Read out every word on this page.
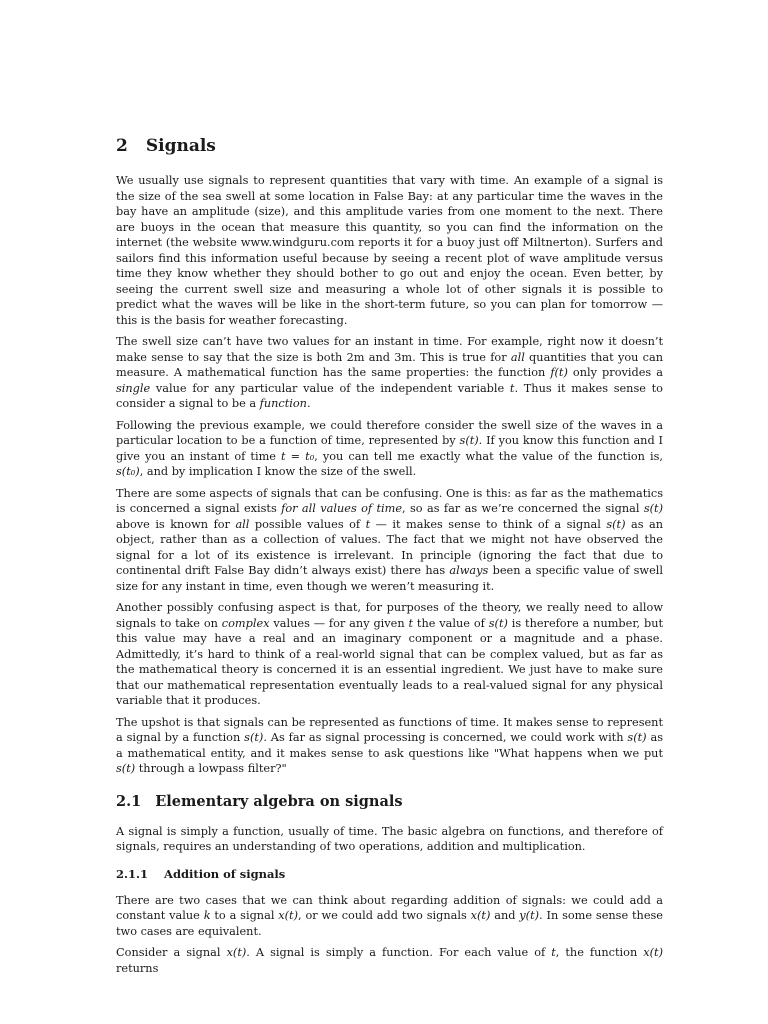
2 Signals

We usually use signals to represent quantities that vary with time. An example of a signal is the size of the sea swell at some location in False Bay: at any particular time the waves in the bay have an amplitude (size), and this amplitude varies from one moment to the next. There are buoys in the ocean that measure this quantity, so you can find the information on the internet (the website www.windguru.com reports it for a buoy just off Miltnerton). Surfers and sailors find this information useful because by seeing a recent plot of wave amplitude versus time they know whether they should bother to go out and enjoy the ocean. Even better, by seeing the current swell size and measuring a whole lot of other signals it is possible to predict what the waves will be like in the short-term future, so you can plan for tomorrow — this is the basis for weather forecasting.

The swell size can’t have two values for an instant in time. For example, right now it doesn’t make sense to say that the size is both 2m and 3m. This is true for all quantities that you can measure. A mathematical function has the same properties: the function f(t) only provides a single value for any particular value of the independent variable t. Thus it makes sense to consider a signal to be a function.

Following the previous example, we could therefore consider the swell size of the waves in a particular location to be a function of time, represented by s(t). If you know this function and I give you an instant of time t = t₀, you can tell me exactly what the value of the function is, s(t₀), and by implication I know the size of the swell.

There are some aspects of signals that can be confusing. One is this: as far as the mathematics is concerned a signal exists for all values of time, so as far as we’re concerned the signal s(t) above is known for all possible values of t — it makes sense to think of a signal s(t) as an object, rather than as a collection of values. The fact that we might not have observed the signal for a lot of its existence is irrelevant. In principle (ignoring the fact that due to continental drift False Bay didn’t always exist) there has always been a specific value of swell size for any instant in time, even though we weren’t measuring it.

Another possibly confusing aspect is that, for purposes of the theory, we really need to allow signals to take on complex values — for any given t the value of s(t) is therefore a number, but this value may have a real and an imaginary component or a magnitude and a phase. Admittedly, it’s hard to think of a real-world signal that can be complex valued, but as far as the mathematical theory is concerned it is an essential ingredient. We just have to make sure that our mathematical representation eventually leads to a real-valued signal for any physical variable that it produces.

The upshot is that signals can be represented as functions of time. It makes sense to represent a signal by a function s(t). As far as signal processing is concerned, we could work with s(t) as a mathematical entity, and it makes sense to ask questions like "What happens when we put s(t) through a lowpass filter?"

2.1 Elementary algebra on signals

A signal is simply a function, usually of time. The basic algebra on functions, and therefore of signals, requires an understanding of two operations, addition and multiplication.

2.1.1 Addition of signals

There are two cases that we can think about regarding addition of signals: we could add a constant value k to a signal x(t), or we could add two signals x(t) and y(t). In some sense these two cases are equivalent.

Consider a signal x(t). A signal is simply a function. For each value of t, the function x(t) returns
